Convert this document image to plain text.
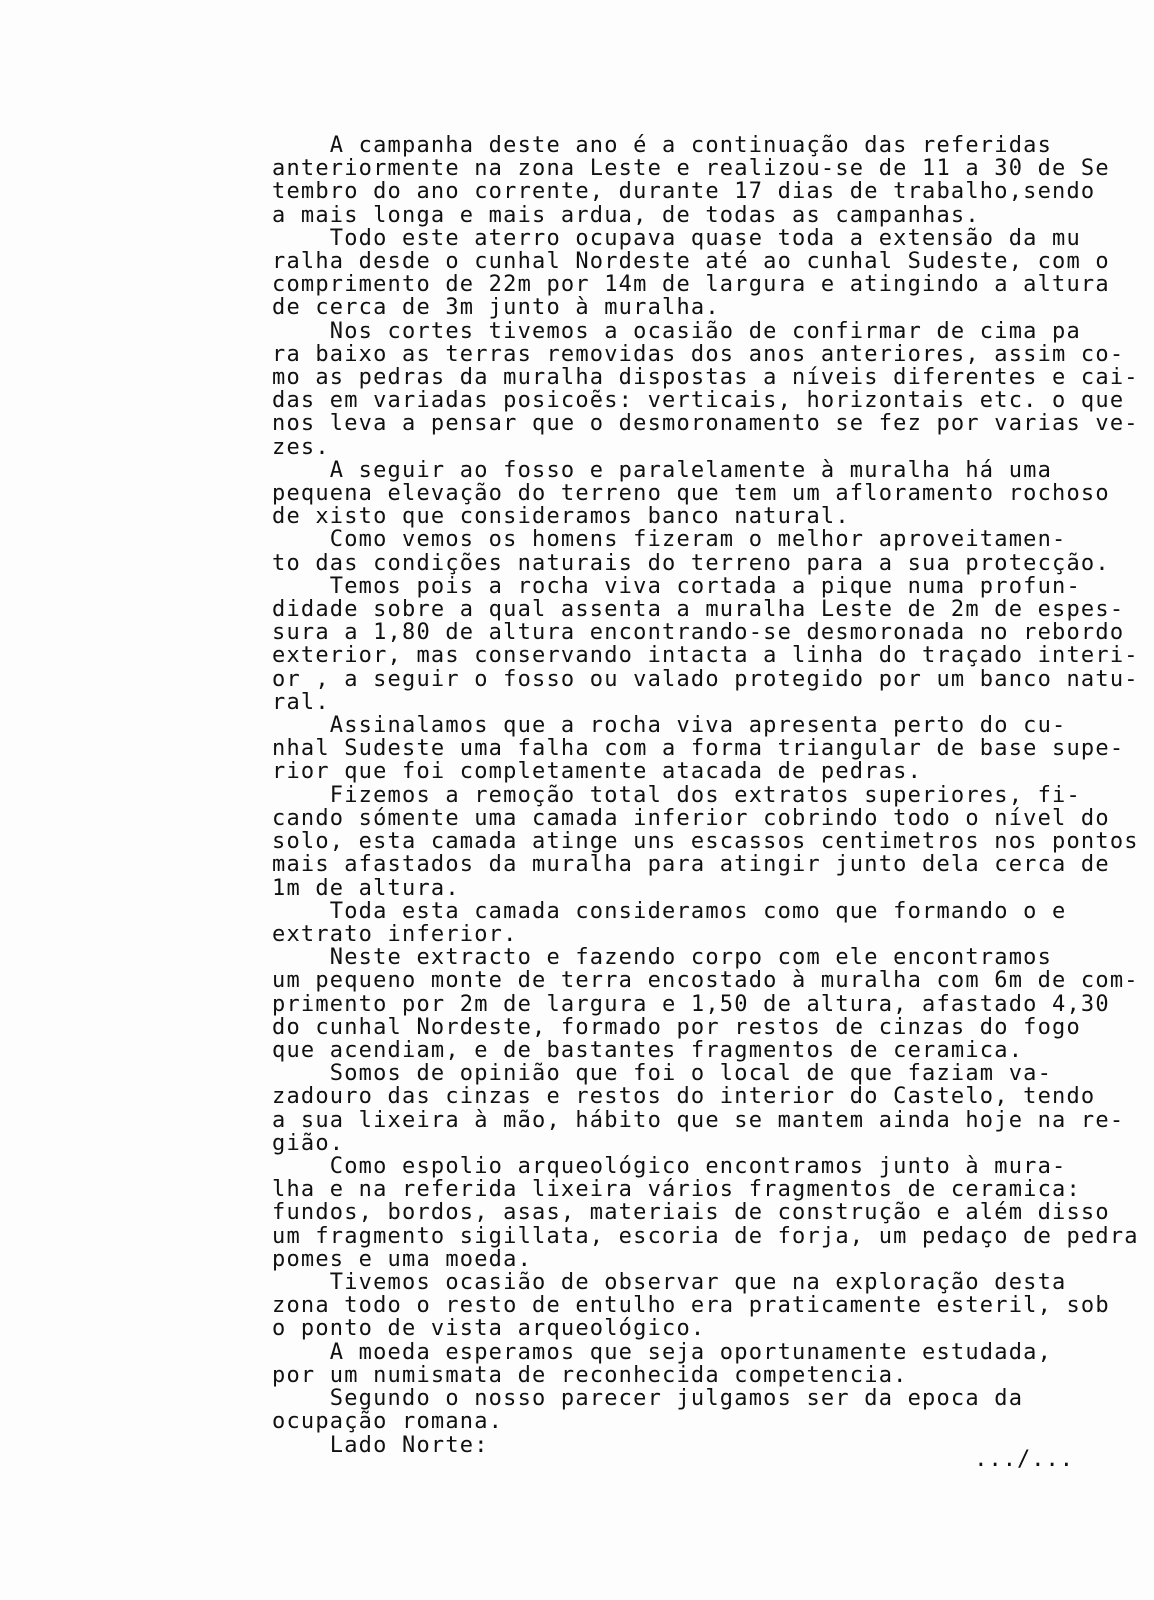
A campanha deste ano é a continuação das referidas
anteriormente na zona Leste e realizou-se de 11 a 30 de Se
tembro do ano corrente, durante 17 dias de trabalho,sendo
a mais longa e mais ardua, de todas as campanhas.
Todo este aterro ocupava quase toda a extensão da mu
ralha desde o cunhal Nordeste até ao cunhal Sudeste, com o
comprimento de 22m por 14m de largura e atingindo a altura
de cerca de 3m junto à muralha.
Nos cortes tivemos a ocasião de confirmar de cima pa
ra baixo as terras removidas dos anos anteriores, assim co-
mo as pedras da muralha dispostas a níveis diferentes e cai-
das em variadas posicoẽs: verticais, horizontais etc. o que
nos leva a pensar que o desmoronamento se fez por varias ve-
zes.
A seguir ao fosso e paralelamente à muralha há uma
pequena elevação do terreno que tem um afloramento rochoso
de xisto que consideramos banco natural.
Como vemos os homens fizeram o melhor aproveitamen-
to das condições naturais do terreno para a sua protecção.
Temos pois a rocha viva cortada a pique numa profun-
didade sobre a qual assenta a muralha Leste de 2m de espes-
sura a 1,80 de altura encontrando-se desmoronada no rebordo
exterior, mas conservando intacta a linha do traçado interi-
or , a seguir o fosso ou valado protegido por um banco natu-
ral.
Assinalamos que a rocha viva apresenta perto do cu-
nhal Sudeste uma falha com a forma triangular de base supe-
rior que foi completamente atacada de pedras.
Fizemos a remoção total dos extratos superiores, fi-
cando sómente uma camada inferior cobrindo todo o nível do
solo, esta camada atinge uns escassos centimetros nos pontos
mais afastados da muralha para atingir junto dela cerca de
1m de altura.
Toda esta camada consideramos como que formando o e
extrato inferior.
Neste extracto e fazendo corpo com ele encontramos
um pequeno monte de terra encostado à muralha com 6m de com-
primento por 2m de largura e 1,50 de altura, afastado 4,30
do cunhal Nordeste, formado por restos de cinzas do fogo
que acendiam, e de bastantes fragmentos de ceramica.
Somos de opinião que foi o local de que faziam va-
zadouro das cinzas e restos do interior do Castelo, tendo
a sua lixeira à mão, hábito que se mantem ainda hoje na re-
gião.
Como espolio arqueológico encontramos junto à mura-
lha e na referida lixeira vários fragmentos de ceramica:
fundos, bordos, asas, materiais de construção e além disso
um fragmento sigillata, escoria de forja, um pedaço de pedra
pomes e uma moeda.
Tivemos ocasião de observar que na exploração desta
zona todo o resto de entulho era praticamente esteril, sob
o ponto de vista arqueológico.
A moeda esperamos que seja oportunamente estudada,
por um numismata de reconhecida competencia.
Segundo o nosso parecer julgamos ser da epoca da
ocupação romana.

Lado Norte:

.../...
